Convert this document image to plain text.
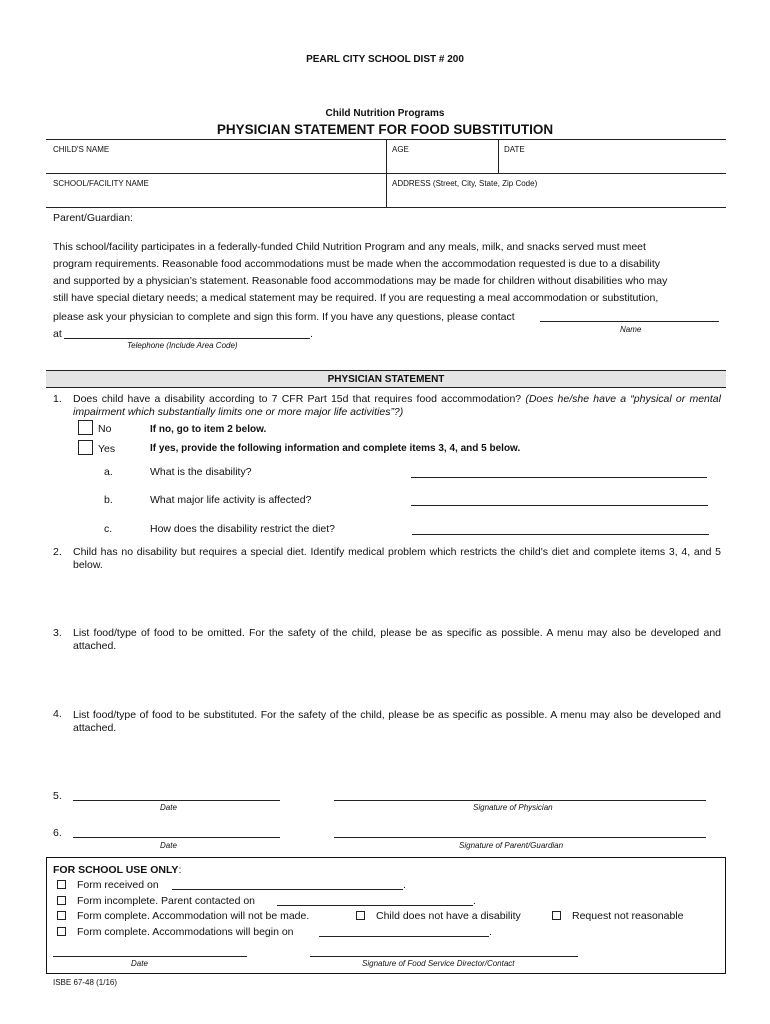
PEARL CITY SCHOOL DIST # 200
Child Nutrition Programs
PHYSICIAN STATEMENT FOR FOOD SUBSTITUTION
CHILD'S NAME	AGE	DATE
SCHOOL/FACILITY NAME	ADDRESS (Street, City, State, Zip Code)
Parent/Guardian:
This school/facility participates in a federally-funded Child Nutrition Program and any meals, milk, and snacks served must meet
program requirements. Reasonable food accommodations must be made when the accommodation requested is due to a disability
and supported by a physician’s statement. Reasonable food accommodations may be made for children without disabilities who may
still have special dietary needs; a medical statement may be required. If you are requesting a meal accommodation or substitution,
please ask your physician to complete and sign this form. If you have any questions, please contact
Name
at	.
Telephone (Include Area Code)
PHYSICIAN STATEMENT
1. Does child have a disability according to 7 CFR Part 15d that requires food accommodation? (Does he/she have a “physical or mental impairment which substantially limits one or more major life activities”?)
No	If no, go to item 2 below.
Yes	If yes, provide the following information and complete items 3, 4, and 5 below.
a.	What is the disability?
b.	What major life activity is affected?
c.	How does the disability restrict the diet?
2. Child has no disability but requires a special diet. Identify medical problem which restricts the child's diet and complete items 3, 4, and 5 below.
3. List food/type of food to be omitted. For the safety of the child, please be as specific as possible. A menu may also be developed and attached.
4. List food/type of food to be substituted. For the safety of the child, please be as specific as possible. A menu may also be developed and attached.
5.
Date	Signature of Physician
6.
Date	Signature of Parent/Guardian
FOR SCHOOL USE ONLY:
Form received on	.
Form incomplete. Parent contacted on	.
Form complete. Accommodation will not be made.	Child does not have a disability	Request not reasonable
Form complete. Accommodations will begin on	.
Date	Signature of Food Service Director/Contact
ISBE 67-48 (1/16)
